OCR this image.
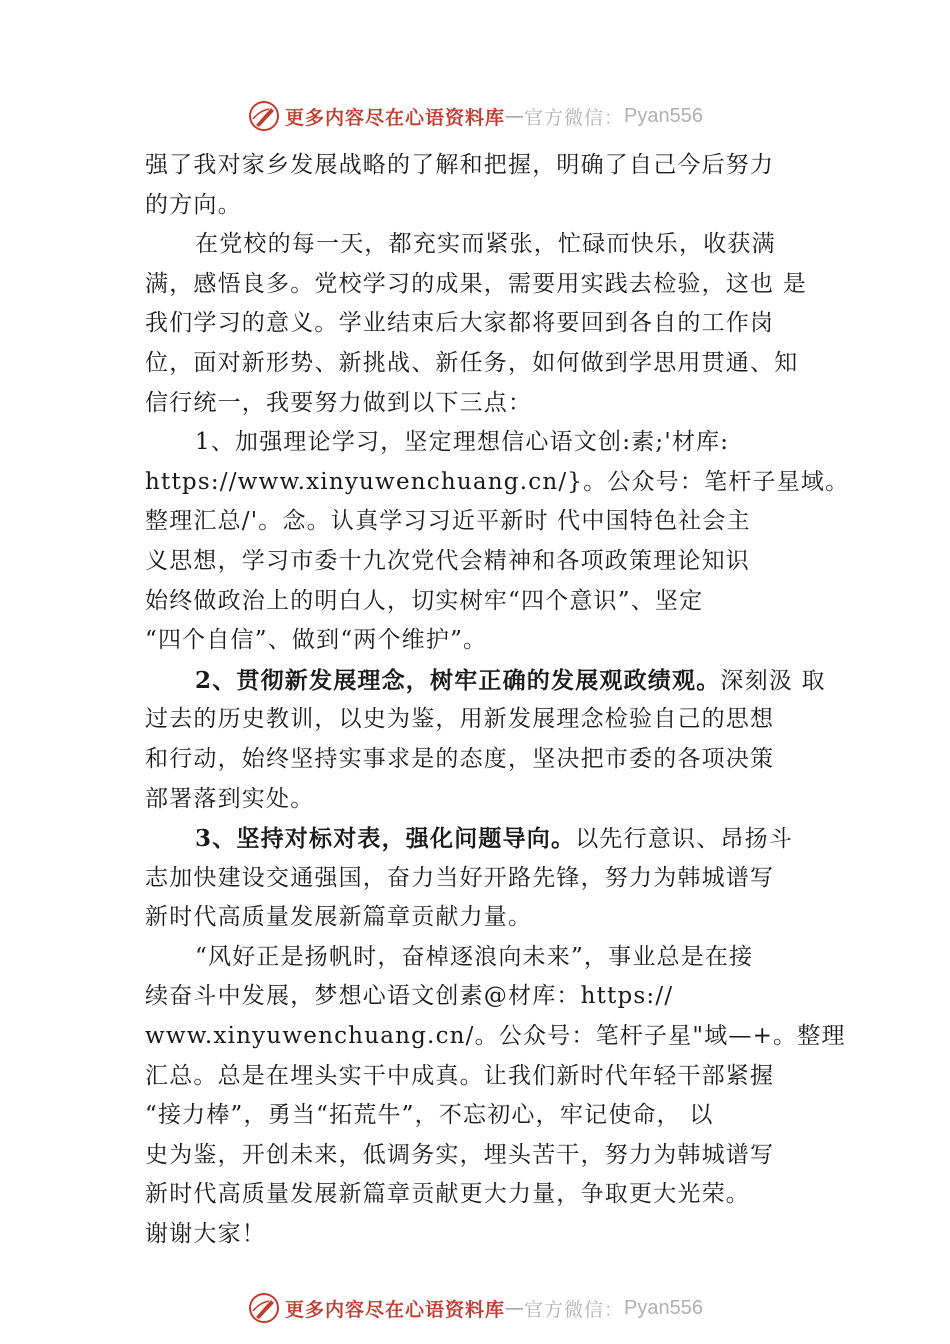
更多内容尽在心语资料库 — 官方微信： Pyan556
强了我对家乡发展战略的了解和把握，明确了自己今后努力
的方向。
在党校的每一天，都充实而紧张，忙碌而快乐，收获满
满，感悟良多。党校学习的成果，需要用实践去检验，这也 是
我们学习的意义。学业结束后大家都将要回到各自的工作岗
位，面对新形势、新挑战、新任务，如何做到学思用贯通、知
信行统一，我要努力做到以下三点：
1、加强理论学习，坚定理想信心语文创:素;'材库:
https://www.xinyuwenchuang.cn/}。公众号：笔杆子星域。
整理汇总/'。念。认真学习习近平新时 代中国特色社会主
义思想，学习市委十九次党代会精神和各项政策理论知识
始终做政治上的明白人，切实树牢“四个意识”、坚定
“四个自信”、做到“两个维护”。
2、贯彻新发展理念，树牢正确的发展观政绩观。深刻汲 取
过去的历史教训，以史为鉴，用新发展理念检验自己的思想
和行动，始终坚持实事求是的态度，坚决把市委的各项决策
部署落到实处。
3、坚持对标对表，强化问题导向。以先行意识、昂扬斗
志加快建设交通强国，奋力当好开路先锋，努力为韩城谱写
新时代高质量发展新篇章贡献力量。
“风好正是扬帆时，奋棹逐浪向未来”，事业总是在接
续奋斗中发展，梦想心语文创素@材库：https://
www.xinyuwenchuang.cn/。公众号：笔杆子星"域—+。整理
汇总。总是在埋头实干中成真。让我们新时代年轻干部紧握
“接力棒”，勇当“拓荒牛”，不忘初心，牢记使命， 以
史为鉴，开创未来，低调务实，埋头苦干，努力为韩城谱写
新时代高质量发展新篇章贡献更大力量，争取更大光荣。
谢谢大家！
更多内容尽在心语资料库 — 官方微信： Pyan556
